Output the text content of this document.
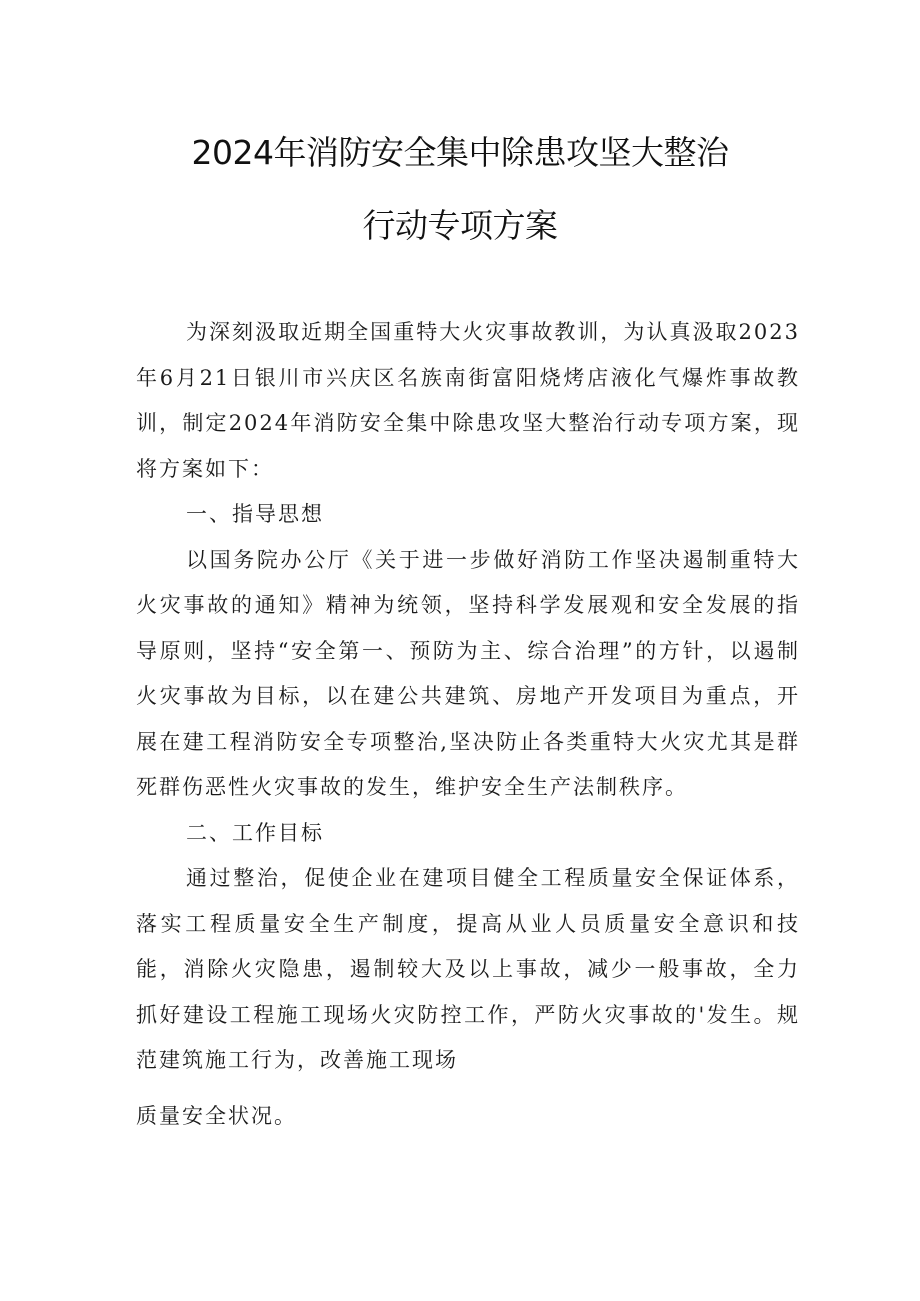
2024年消防安全集中除患攻坚大整治
行动专项方案

为深刻汲取近期全国重特大火灾事故教训，为认真汲取2023年6月21日银川市兴庆区名族南街富阳烧烤店液化气爆炸事故教训，制定2024年消防安全集中除患攻坚大整治行动专项方案，现将方案如下：

一、指导思想

以国务院办公厅《关于进一步做好消防工作坚决遏制重特大火灾事故的通知》精神为统领，坚持科学发展观和安全发展的指导原则，坚持“安全第一、预防为主、综合治理”的方针，以遏制火灾事故为目标，以在建公共建筑、房地产开发项目为重点，开展在建工程消防安全专项整治,坚决防止各类重特大火灾尤其是群死群伤恶性火灾事故的发生，维护安全生产法制秩序。

二、工作目标

通过整治，促使企业在建项目健全工程质量安全保证体系，落实工程质量安全生产制度，提高从业人员质量安全意识和技能，消除火灾隐患，遏制较大及以上事故，减少一般事故，全力抓好建设工程施工现场火灾防控工作，严防火灾事故的'发生。规范建筑施工行为，改善施工现场

质量安全状况。
